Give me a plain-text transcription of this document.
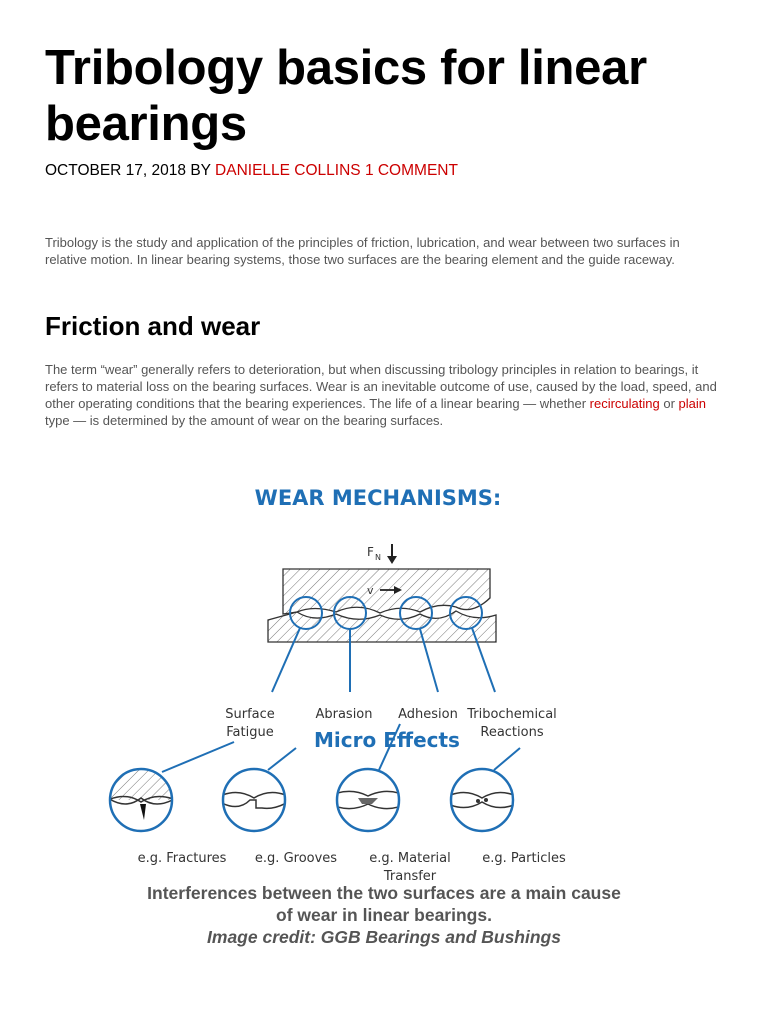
Tribology basics for linear bearings
OCTOBER 17, 2018 BY DANIELLE COLLINS 1 COMMENT

Tribology is the study and application of the principles of friction, lubrication, and wear between two surfaces in relative motion. In linear bearing systems, those two surfaces are the bearing element and the guide raceway.

Friction and wear

The term “wear” generally refers to deterioration, but when discussing tribology principles in relation to bearings, it refers to material loss on the bearing surfaces. Wear is an inevitable outcome of use, caused by the load, speed, and other operating conditions that the bearing experiences. The life of a linear bearing — whether recirculating or plain type — is determined by the amount of wear on the bearing surfaces.

WEAR MECHANISMS:
F N
v
Surface
Fatigue
Abrasion Adhesion Tribochemical
Reactions
Micro Effects
e.g. Fractures e.g. Grooves e.g. Material
Transfer
e.g. Particles
Interferences between the two surfaces are a main cause
of wear in linear bearings.
Image credit: GGB Bearings and Bushings
